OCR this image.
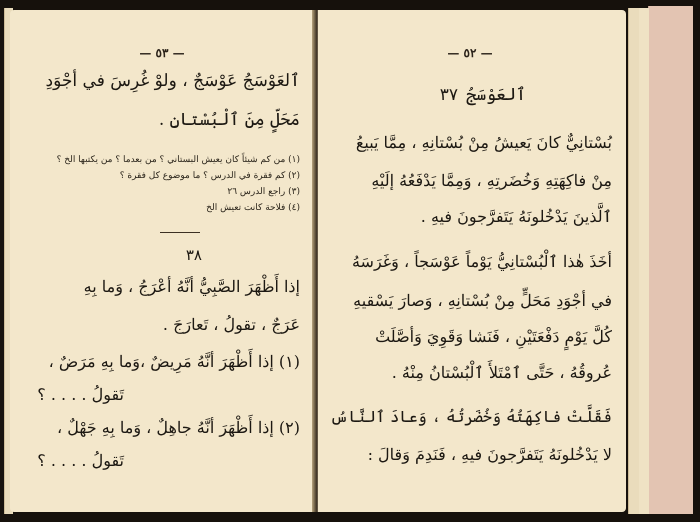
— ٥٣ —
ٱلعَوْسَجُ عَوْسَجٌ ، ولوْ غُرِسَ في أجْوَدِ
مَحَلٍّ مِنَ ٱلْبُسْتانِ .
(١) من كم شيئاً كان يعيش البستاني ؟ من بعدما ؟ من يكتبها الخ ؟
(٢) كم فقرة في الدرس ؟ ما موضوع كل فقرة ؟
(٣) راجع الدرس ٢٦
(٤) فلاحة كانت تعيش الخ
٣٨
إذا أَظْهَرَ الصَّبِيُّ أنَّهُ أعْرَجُ ، وَما بِهِ
عَرَجٌ ، تقولُ ، تَعارَجَ .
(١) إذا أَظْهَرَ أنَّهُ مَرِيضٌ ،وَما بِهِ مَرَضٌ ،
تَقولُ . . . . ؟
(٢) إذا أَظْهَرَ أنَّهُ جاهِلٌ ، وَما بِهِ جَهْلٌ ،
تَقولُ . . . . ؟
— ٥٢ —
ٱلعَوْسَجُ
٣٧
بُسْتانِيٌّ كانَ يَعيشُ مِنْ بُسْتانِهِ ، مِمَّا يَبيعُ
مِنْ فاكِهَتِهِ وَخُضَرتِهِ ، وَمِمَّا يَدْفَعُهُ إلَيْهِ
ٱلَّذينَ يَدْخُلونَهُ يَتَفرَّجونَ فيهِ .
أخَذَ هٰذا ٱلْبُسْتانِيُّ يَوْماً عَوْسَجاً ، وَغَرَسَهُ
في أجْوَدِ مَحَلٍّ مِنْ بُسْتانِهِ ، وَصارَ يَسْقيهِ
كُلَّ يَوْمٍ دَفْعَتَيْنِ ، فَنَشا وَقَوِيَ وَأصَّلَتْ
عُروقُهُ ، حَتَّى ٱمْتَلأَ ٱلْبُسْتانُ مِنْهُ .
فَقَلَّتْ فاكِهَتُهُ وَخُضَرتُهُ ، وَعادَ ٱلنَّاسُ
لا يَدْخُلونَهُ يَتَفرَّجونَ فيهِ ، فَنَدِمَ وَقالَ :
